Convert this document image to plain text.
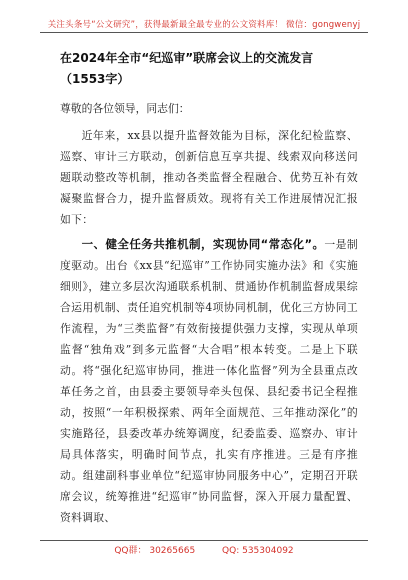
关注头条号“公文研究”，获得最新最全最专业的公文资料库！ 微信：gongwenyj
在2024年全市“纪巡审”联席会议上的交流发言（1553字）
尊敬的各位领导，同志们：

近年来，xx县以提升监督效能为目标，深化纪检监察、巡察、审计三方联动，创新信息互享共提、线索双向移送问题联动整改等机制，推动各类监督全程融合、优势互补有效凝聚监督合力，提升监督质效。现将有关工作进展情况汇报如下：

一、健全任务共推机制，实现协同“常态化”。一是制度驱动。出台《xx县“纪巡审”工作协同实施办法》和《实施细则》，建立多层次沟通联系机制、贯通协作机制监督成果综合运用机制、责任追究机制等4项协同机制，优化三方协同工作流程，为“三类监督”有效衔接提供强力支撑，实现从单项监督“独角戏”到多元监督“大合唱”根本转变。二是上下联动。将“强化纪巡审协同，推进一体化监督”列为全县重点改革任务之首，由县委主要领导牵头包保、县纪委书记全程推动，按照“一年积极探索、两年全面规范、三年推动深化”的实施路径，县委改革办统筹调度，纪委监委、巡察办、审计局具体落实，明确时间节点，扎实有序推进。三是有序推动。组建副科事业单位“纪巡审协同服务中心”，定期召开联席会议，统筹推进“纪巡审”协同监督，深入开展力量配置、资料调取、

QQ群： 30265665	QQ: 535304092
